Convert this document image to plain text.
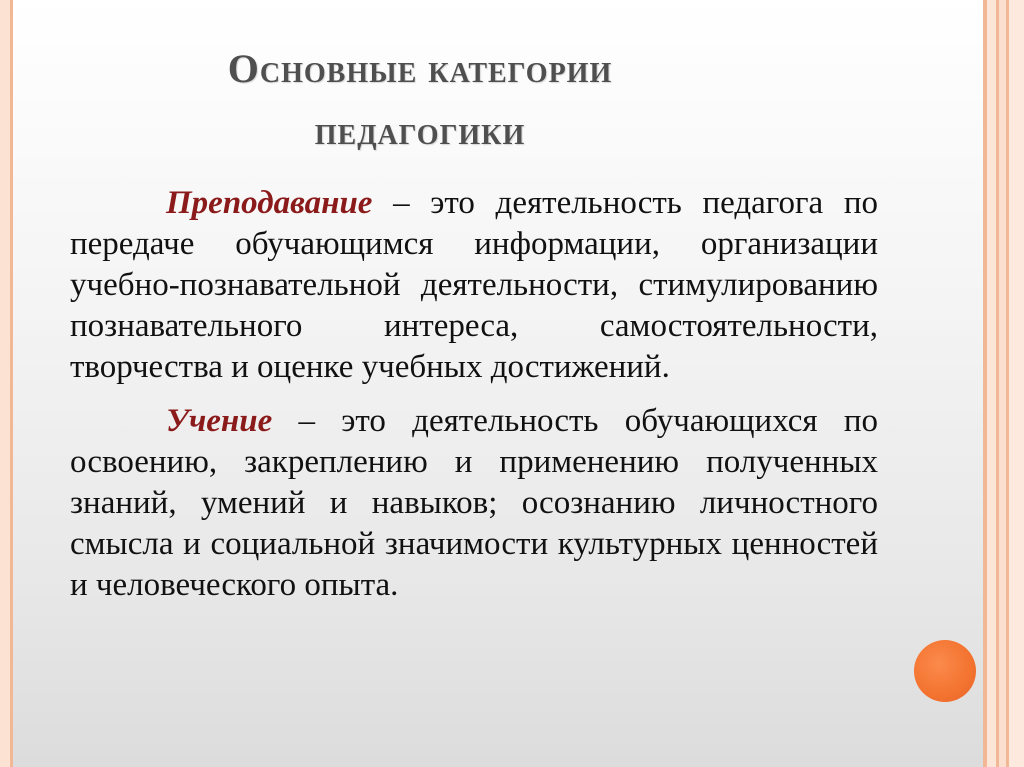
Основные категории
педагогики

Преподавание – это деятельность педагога по передаче обучающимся информации, организации учебно-познавательной деятельности, стимулированию познавательного интереса, самостоятельности, творчества и оценке учебных достижений.

Учение – это деятельность обучающихся по освоению, закреплению и применению полученных знаний, умений и навыков; осознанию личностного смысла и социальной значимости культурных ценностей и человеческого опыта.
